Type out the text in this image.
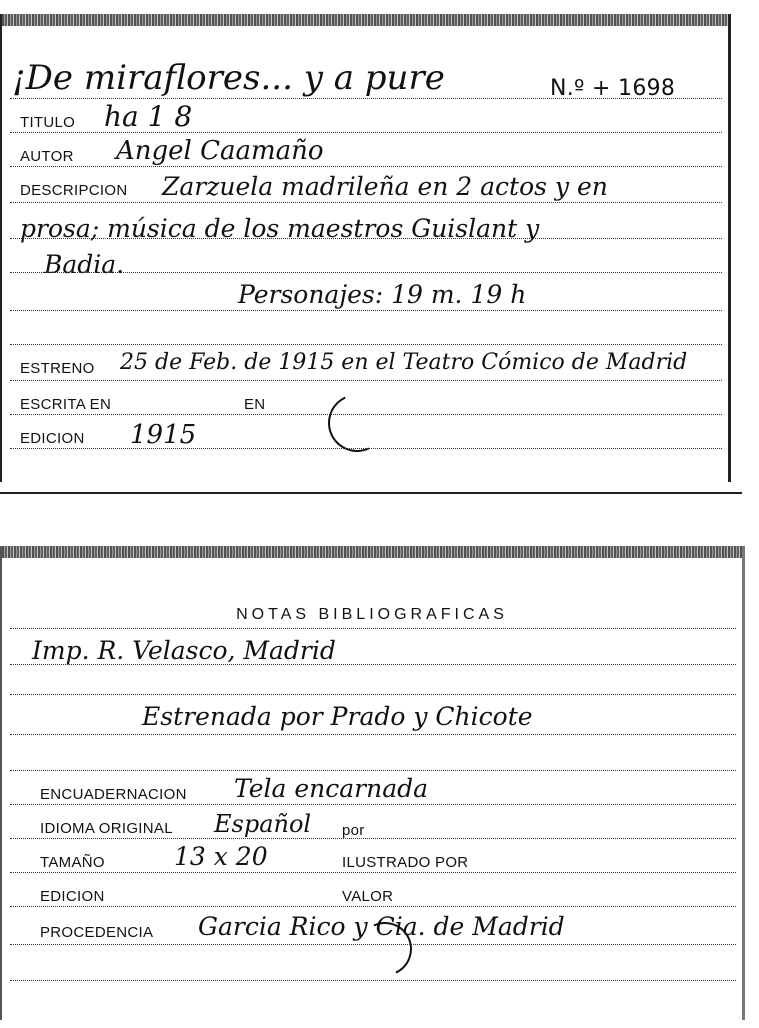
¡De miraflores... y a pure	N.º + 1698
TITULO ha 1 8
AUTOR Angel Caamaño
DESCRIPCION Zarzuela madrileña en 2 actos y en
prosa; música de los maestros Guislant y
Badia.
Personajes: 19 m. 19 h
ESTRENO 25 de Feb. de 1915 en el Teatro Cómico de Madrid
ESCRITA EN	EN
EDICION 1915
NOTAS BIBLIOGRAFICAS
Imp. R. Velasco, Madrid
Estrenada por Prado y Chicote
ENCUADERNACION Tela encarnada
IDIOMA ORIGINAL Español por
TAMAÑO	13 x 20	ILUSTRADO POR
EDICION	VALOR
PROCEDENCIA Garcia Rico y Cia. de Madrid
